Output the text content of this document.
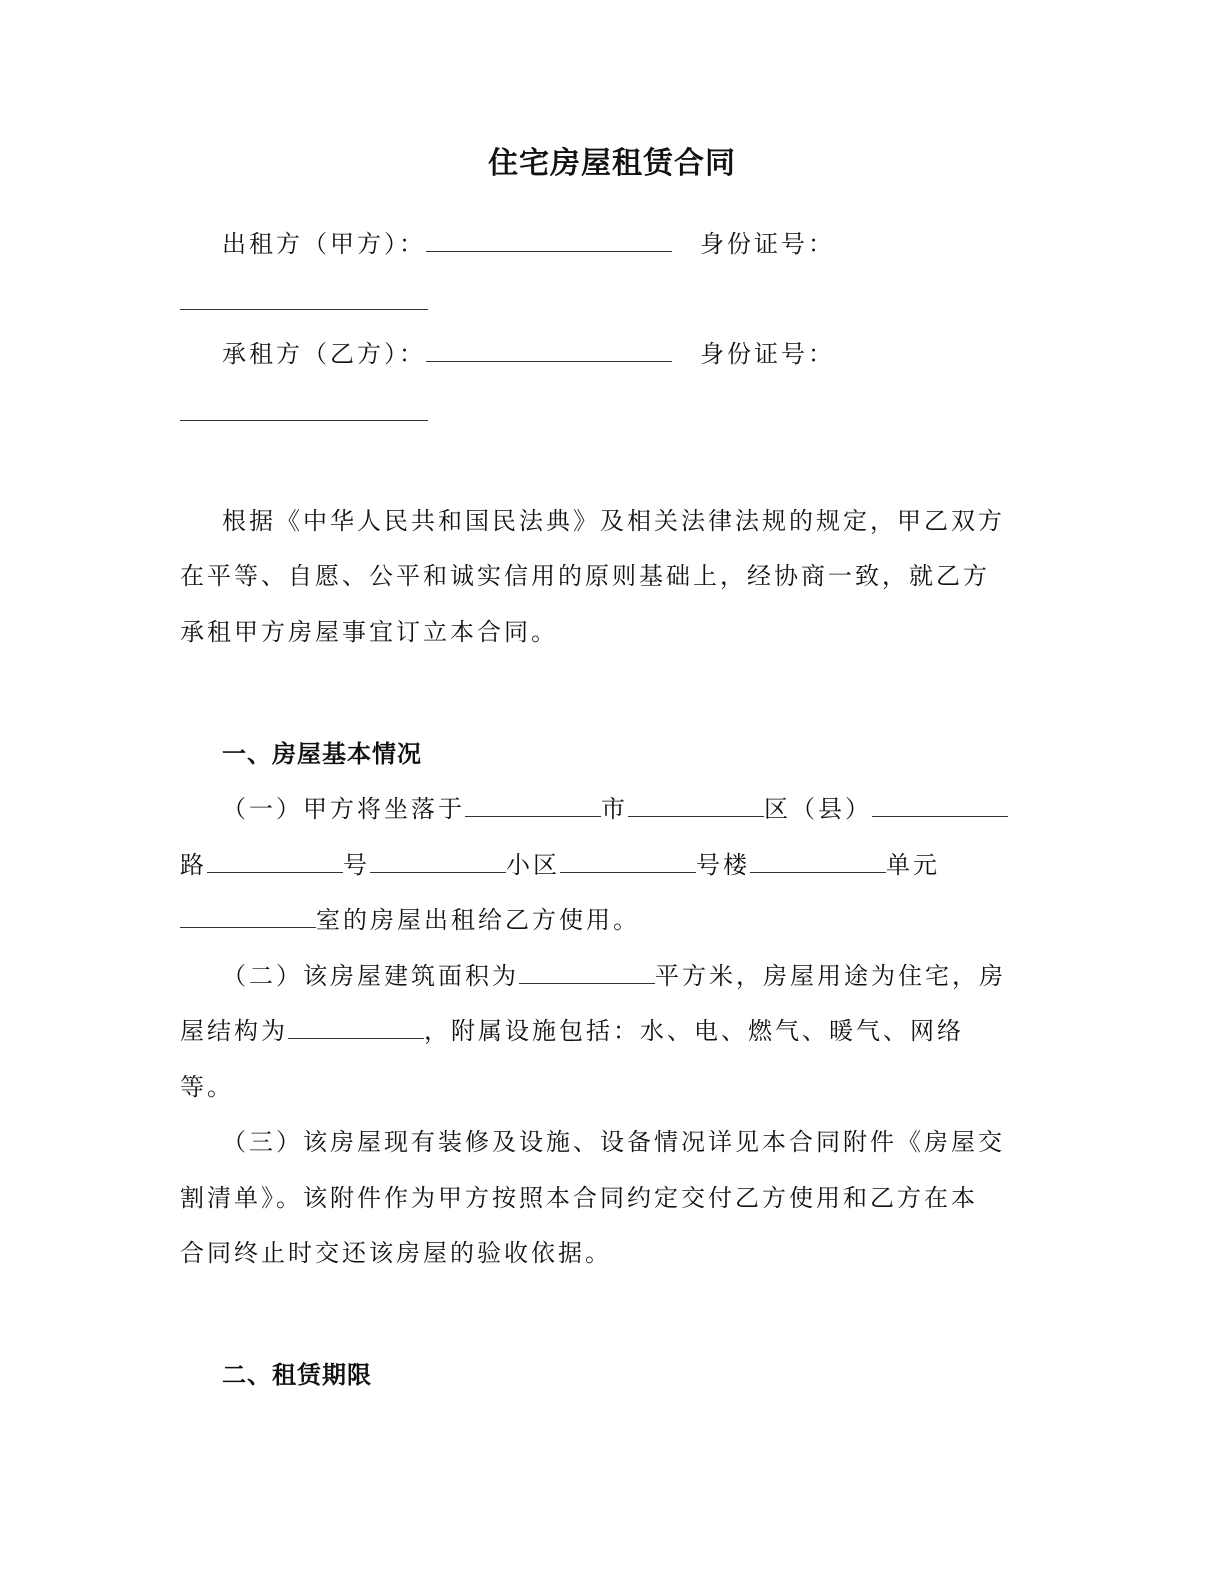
住宅房屋租赁合同
出租方（甲方）：	身份证号：
承租方（乙方）：	身份证号：
根据《中华人民共和国民法典》及相关法律法规的规定，甲乙双方
在平等、自愿、公平和诚实信用的原则基础上，经协商一致，就乙方
承租甲方房屋事宜订立本合同。
一、房屋基本情况
（一）甲方将坐落于	市	区（县）
路	号	小区	号楼	单元
室的房屋出租给乙方使用。
（二）该房屋建筑面积为	平方米，房屋用途为住宅，房
屋结构为	，附属设施包括：水、电、燃气、暖气、网络
等。
（三）该房屋现有装修及设施、设备情况详见本合同附件《房屋交
割清单》。该附件作为甲方按照本合同约定交付乙方使用和乙方在本
合同终止时交还该房屋的验收依据。
二、租赁期限
